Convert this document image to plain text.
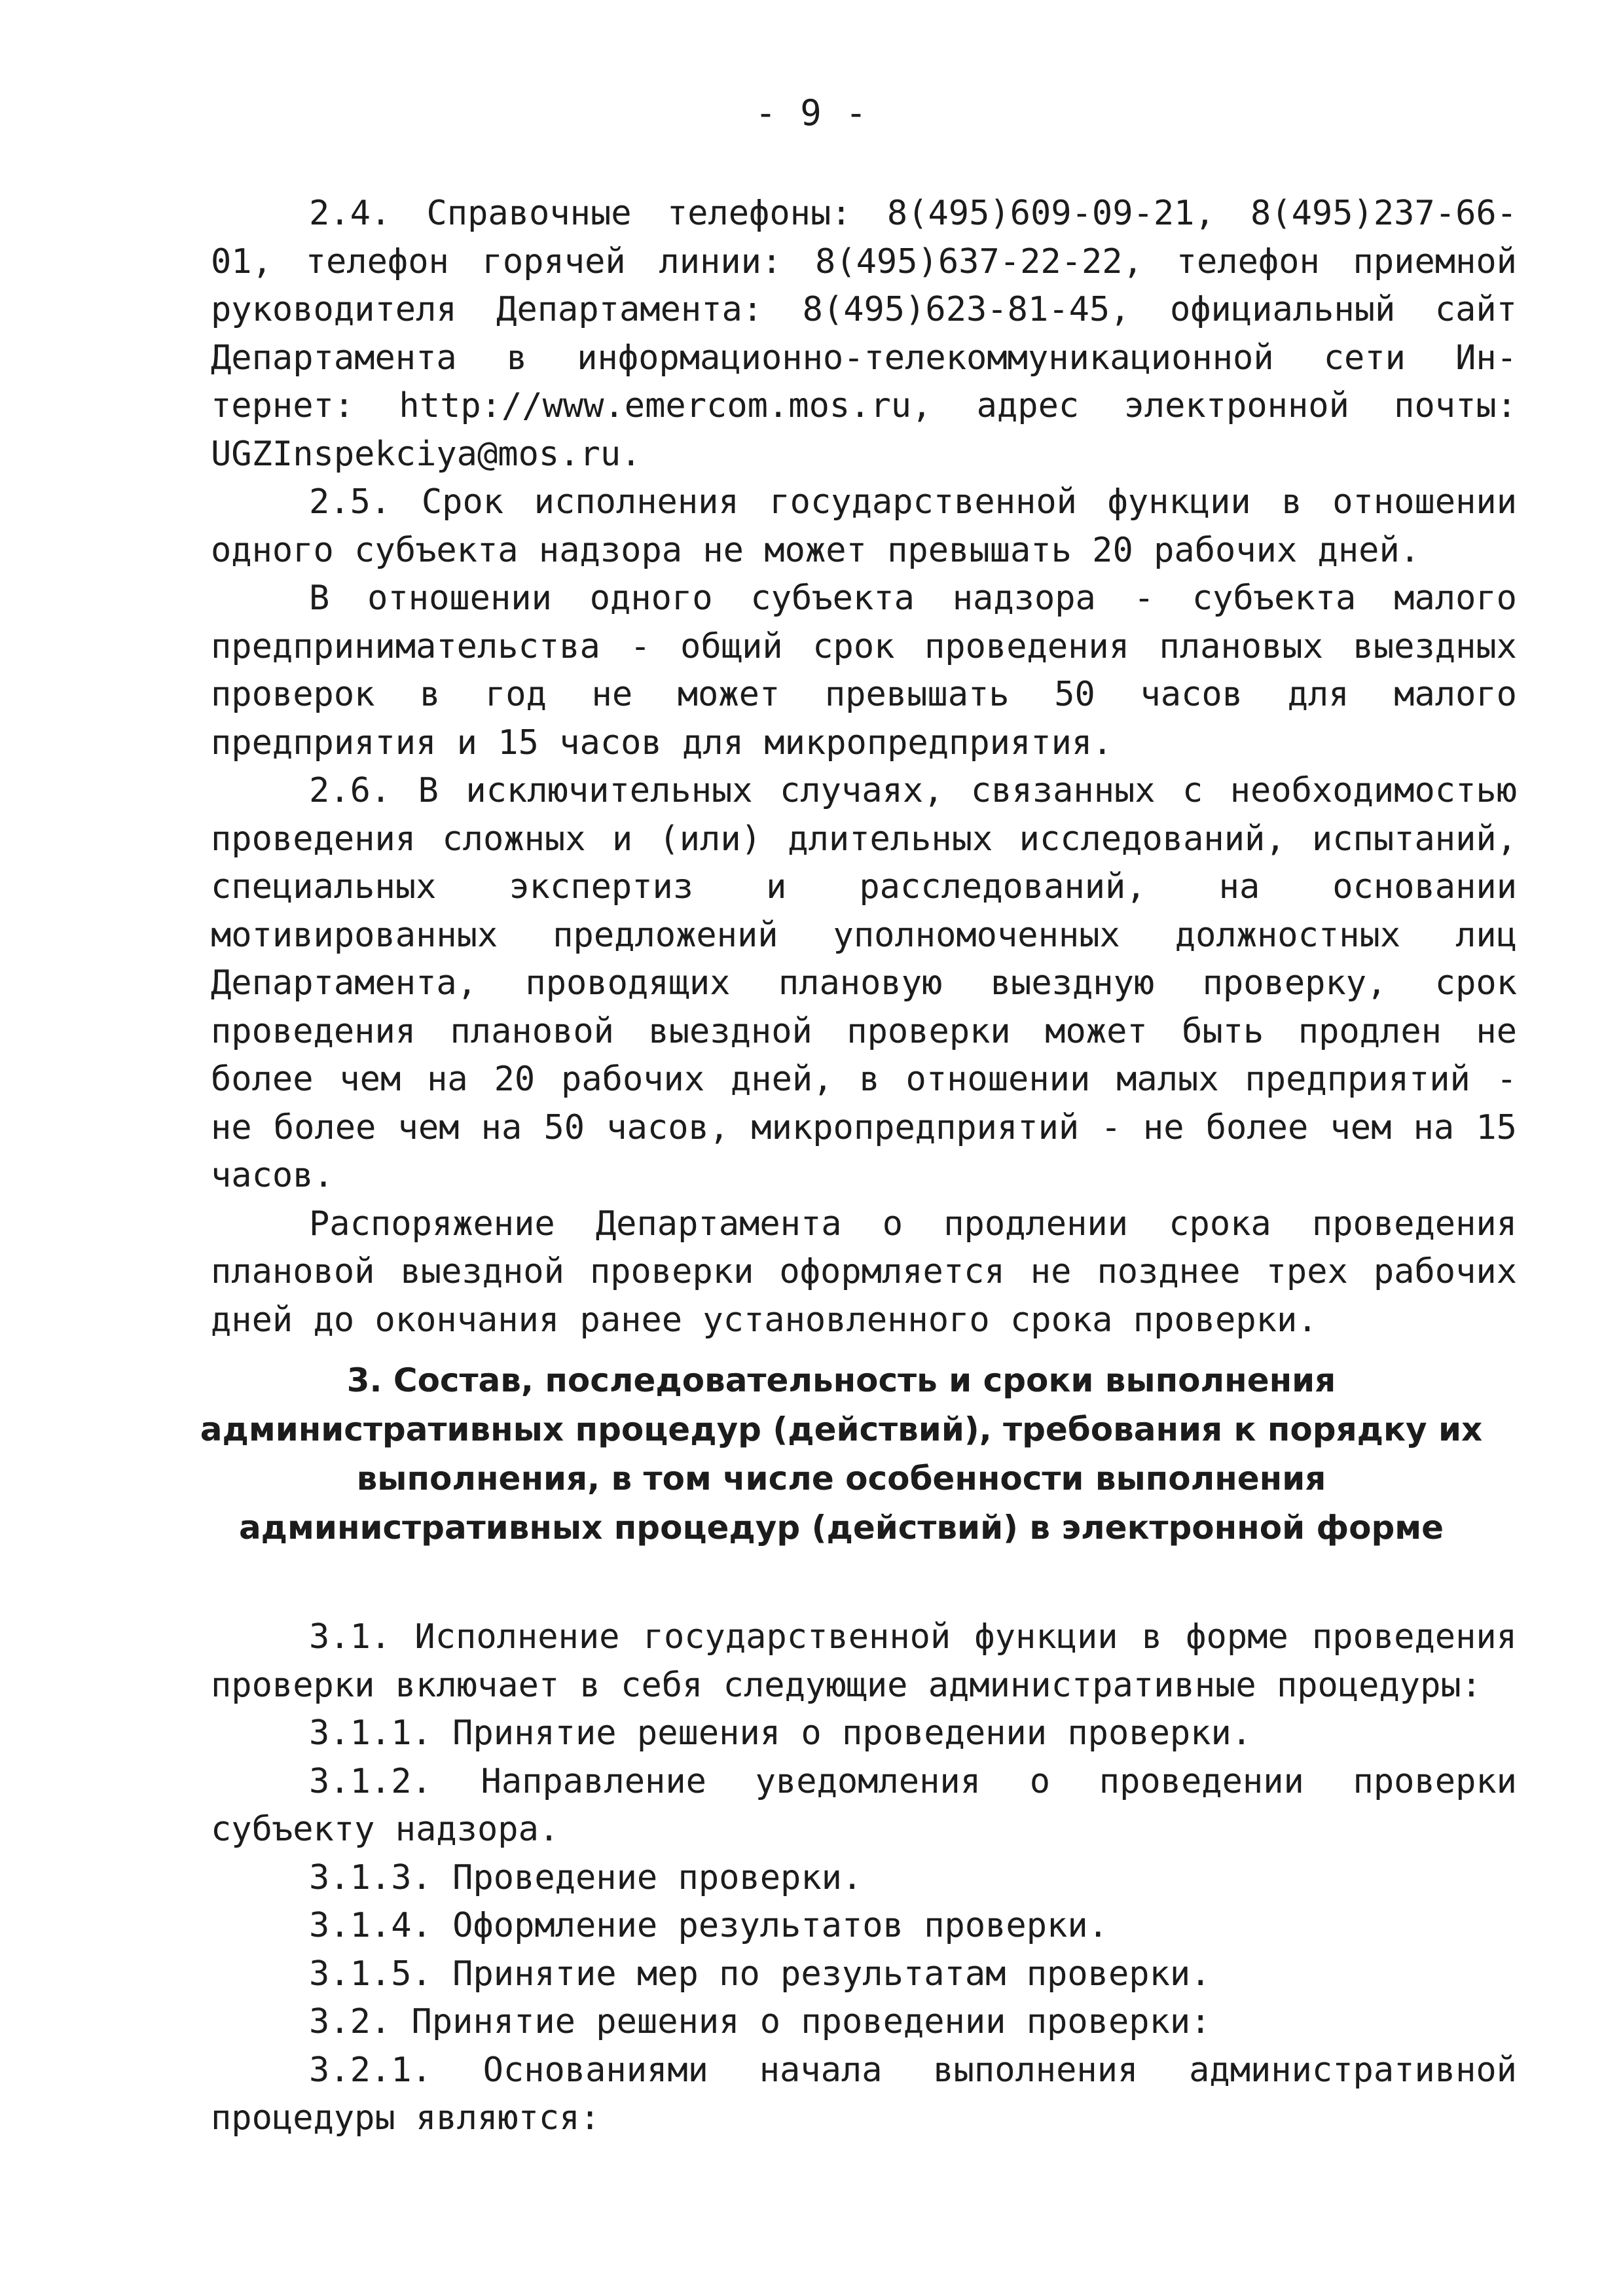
- 9 -

2.4. Справочные телефоны: 8(495)609-09-21, 8(495)237-66-01, телефон горячей линии: 8(495)637-22-22, телефон приемной руководителя Департамента: 8(495)623-81-45, официальный сайт Департамента в информационно-телекоммуникационной сети Интернет: http://www.emercom.mos.ru, адрес электронной почты: UGZInspekciya@mos.ru.

2.5. Срок исполнения государственной функции в отношении одного субъекта надзора не может превышать 20 рабочих дней.

В отношении одного субъекта надзора - субъекта малого предпринимательства - общий срок проведения плановых выездных проверок в год не может превышать 50 часов для малого предприятия и 15 часов для микропредприятия.

2.6. В исключительных случаях, связанных с необходимостью проведения сложных и (или) длительных исследований, испытаний, специальных экспертиз и расследований, на основании мотивированных предложений уполномоченных должностных лиц Департамента, проводящих плановую выездную проверку, срок проведения плановой выездной проверки может быть продлен не более чем на 20 рабочих дней, в отношении малых предприятий - не более чем на 50 часов, микропредприятий - не более чем на 15 часов.

Распоряжение Департамента о продлении срока проведения плановой выездной проверки оформляется не позднее трех рабочих дней до окончания ранее установленного срока проверки.

3. Состав, последовательность и сроки выполнения административных процедур (действий), требования к порядку их выполнения, в том числе особенности выполнения административных процедур (действий) в электронной форме

3.1. Исполнение государственной функции в форме проведения проверки включает в себя следующие административные процедуры:

3.1.1. Принятие решения о проведении проверки.

3.1.2. Направление уведомления о проведении проверки субъекту надзора.

3.1.3. Проведение проверки.

3.1.4. Оформление результатов проверки.

3.1.5. Принятие мер по результатам проверки.

3.2. Принятие решения о проведении проверки:

3.2.1. Основаниями начала выполнения административной процедуры являются:
